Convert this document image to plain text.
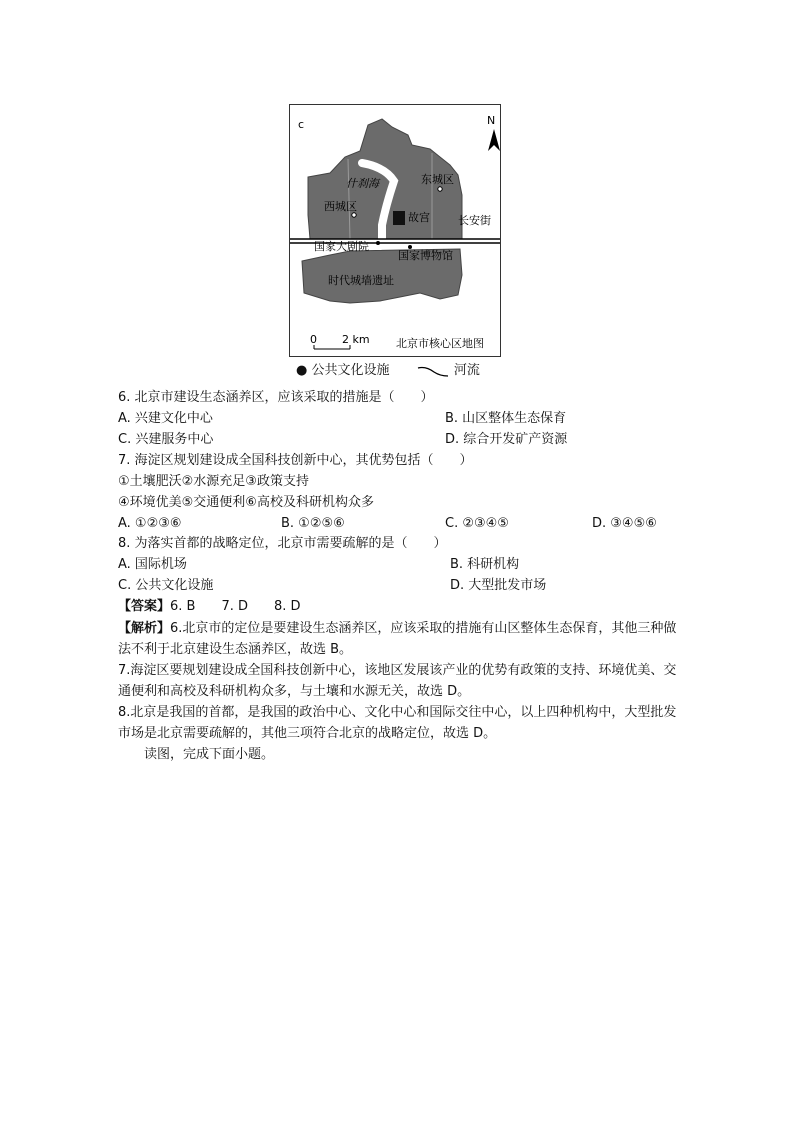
c	N
什刹海	东城区
西城区
故宫	长安街
国家大剧院
国家博物馆
时代城墙遗址
0 2 km 北京市核心区地图
● 公共文化设施	河流
6. 北京市建设生态涵养区，应该采取的措施是（　　）
A. 兴建文化中心	B. 山区整体生态保育
C. 兴建服务中心	D. 综合开发矿产资源
7. 海淀区规划建设成全国科技创新中心，其优势包括（　　）
①土壤肥沃②水源充足③政策支持
④环境优美⑤交通便利⑥高校及科研机构众多
A. ①②③⑥	B. ①②⑤⑥	C. ②③④⑤	D. ③④⑤⑥
8. 为落实首都的战略定位，北京市需要疏解的是（　　）
A. 国际机场	B. 科研机构
C. 公共文化设施	D. 大型批发市场
【答案】6. B　　7. D　　8. D
【解析】6.北京市的定位是要建设生态涵养区，应该采取的措施有山区整体生态保育，其他三种做法不利于北京建设生态涵养区，故选 B。
7.海淀区要规划建设成全国科技创新中心，该地区发展该产业的优势有政策的支持、环境优美、交通便利和高校及科研机构众多，与土壤和水源无关，故选 D。
8.北京是我国的首都，是我国的政治中心、文化中心和国际交往中心，以上四种机构中，大型批发市场是北京需要疏解的，其他三项符合北京的战略定位，故选 D。
读图，完成下面小题。
